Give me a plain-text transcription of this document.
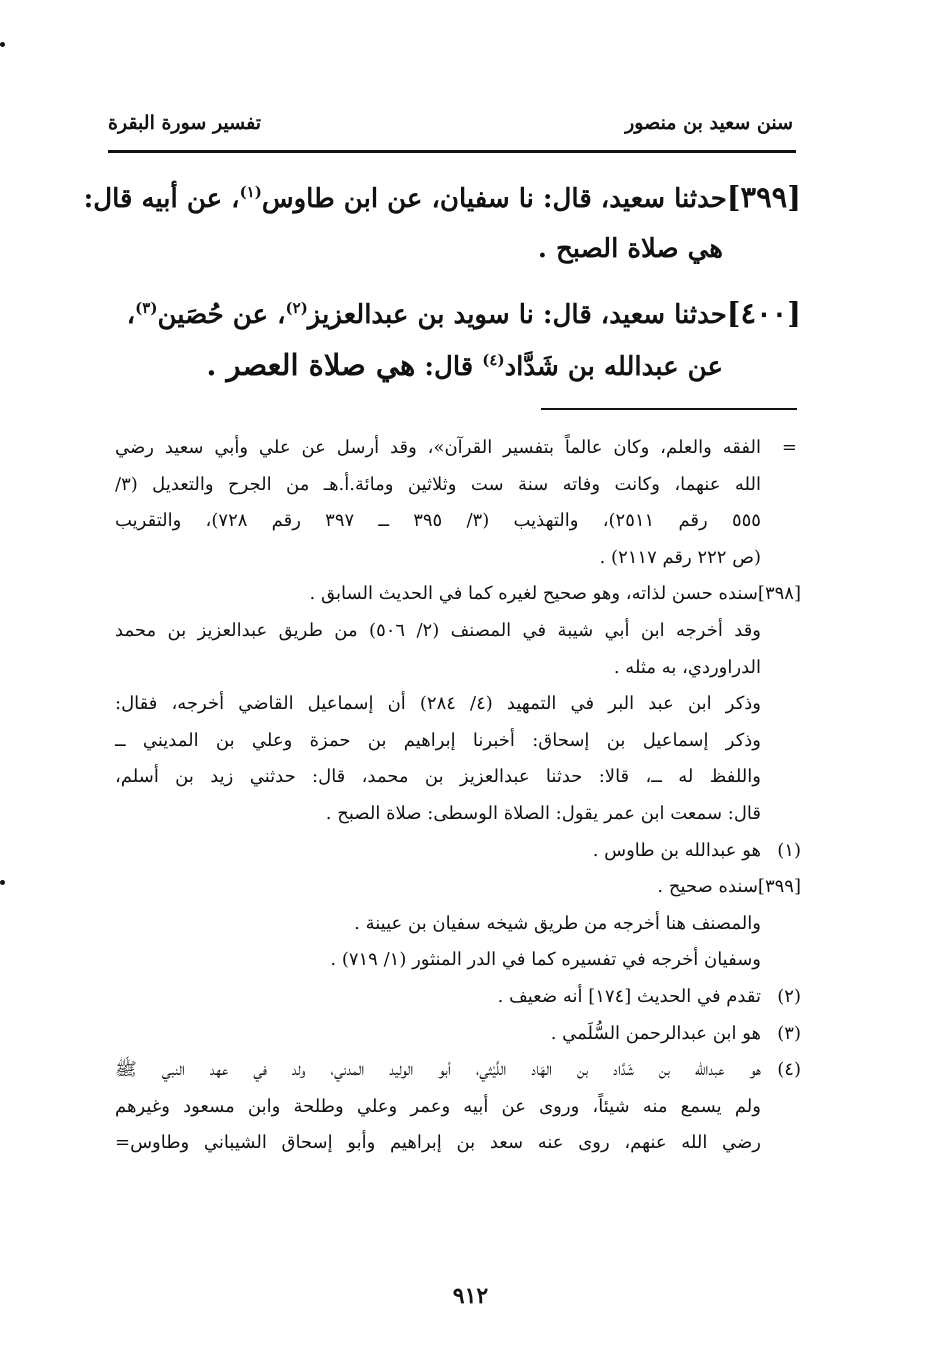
سنن سعيد بن منصور
تفسير سورة البقرة
[٣٩٩]حدثنا سعيد، قال: نا سفيان، عن ابن طاوس$^{(١)}$، عن أبيه قال:
هي صلاة الصبح .
[٤٠٠]حدثنا سعيد، قال: نا سويد بن عبدالعزيز$^{(٢)}$، عن حُصَين$^{(٣)}$،
عن عبدالله بن شَدَّاد$^{(٤)}$ قال: هي صلاة العصر .
=
الفقه والعلم، وكان عالماً بتفسير القرآن»، وقد أرسل عن علي وأبي سعيد رضي
الله عنهما، وكانت وفاته سنة ست وثلاثين ومائة.أ.هـ من الجرح والتعديل (٣/
٥٥٥ رقم ٢٥١١)، والتهذيب (٣/ ٣٩٥ ــ ٣٩٧ رقم ٧٢٨)، والتقريب
(ص ٢٢٢ رقم ٢١١٧) .
[٣٩٨]سنده حسن لذاته، وهو صحيح لغيره كما في الحديث السابق .
وقد أخرجه ابن أبي شيبة في المصنف (٢/ ٥٠٦) من طريق عبدالعزيز بن محمد
الدراوردي، به مثله .
وذكر ابن عبد البر في التمهيد (٤/ ٢٨٤) أن إسماعيل القاضي أخرجه، فقال:
وذكر إسماعيل بن إسحاق: أخبرنا إبراهيم بن حمزة وعلي بن المديني ــ
واللفظ له ــ، قالا: حدثنا عبدالعزيز بن محمد، قال: حدثني زيد بن أسلم،
قال: سمعت ابن عمر يقول: الصلاة الوسطى: صلاة الصبح .
(١)
هو عبدالله بن طاوس .
[٣٩٩]سنده صحيح .
والمصنف هنا أخرجه من طريق شيخه سفيان بن عيينة .
وسفيان أخرجه في تفسيره كما في الدر المنثور (١/ ٧١٩) .
(٢)
تقدم في الحديث [١٧٤] أنه ضعيف .
(٣)
هو ابن عبدالرحمن السُّلَمي .
(٤)
هو عبدالله بن شَدَّاد بن الهَاد اللَّيْثي، أبو الوليد المدني، ولد في عهد النبي ﷺ
ولم يسمع منه شيئاً، وروى عن أبيه وعمر وعلي وطلحة وابن مسعود وغيرهم
رضي الله عنهم، روى عنه سعد بن إبراهيم وأبو إسحاق الشيباني وطاوس=
٩١٢
